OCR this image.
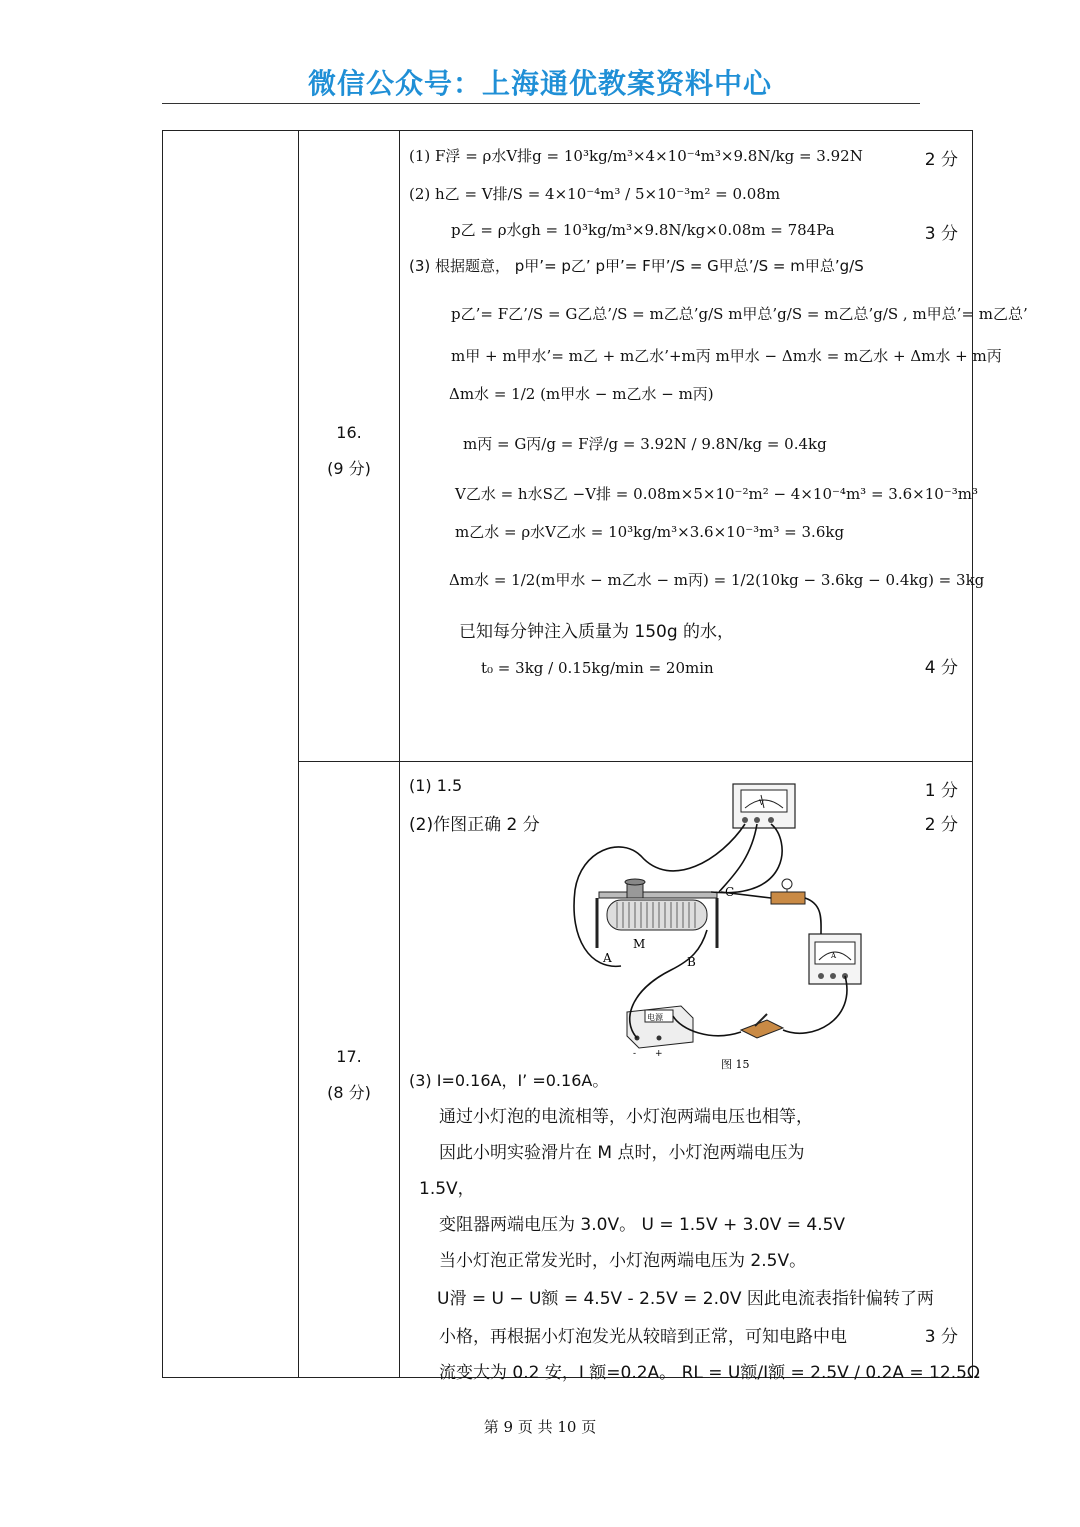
微信公众号：上海通优教案资料中心
16.
(9 分)
(1) F浮 = ρ水V排g = 10³kg/m³×4×10⁻⁴m³×9.8N/kg = 3.92N
(2) h乙 = V排/S = 4×10⁻⁴m³ / 5×10⁻³m² = 0.08m
p乙 = ρ水gh = 10³kg/m³×9.8N/kg×0.08m = 784Pa
(3) 根据题意， p甲’= p乙’ p甲’= F甲’/S = G甲总’/S = m甲总’g/S
p乙’= F乙’/S = G乙总’/S = m乙总’g/S m甲总’g/S = m乙总’g/S , m甲总’= m乙总’
m甲 + m甲水’= m乙 + m乙水’+m丙 m甲水 − Δm水 = m乙水 + Δm水 + m丙
Δm水 = 1/2 (m甲水 − m乙水 − m丙)
m丙 = G丙/g = F浮/g = 3.92N / 9.8N/kg = 0.4kg
V乙水 = h水S乙 −V排 = 0.08m×5×10⁻²m² − 4×10⁻⁴m³ = 3.6×10⁻³m³
m乙水 = ρ水V乙水 = 10³kg/m³×3.6×10⁻³m³ = 3.6kg
Δm水 = 1/2(m甲水 − m乙水 − m丙) = 1/2(10kg − 3.6kg − 0.4kg) = 3kg
已知每分钟注入质量为 150g 的水，
t₀ = 3kg / 0.15kg/min = 20min
2 分
3 分
4 分
17.
(8 分)
(1) 1.5
(2)作图正确 2 分
1 分
2 分
V
M
A	B
C
A
电源
- +
图 15
(3) I=0.16A，I’ =0.16A。
通过小灯泡的电流相等，小灯泡两端电压也相等，
因此小明实验滑片在 M 点时，小灯泡两端电压为
1.5V，
变阻器两端电压为 3.0V。 U = 1.5V + 3.0V = 4.5V
当小灯泡正常发光时，小灯泡两端电压为 2.5V。
U滑 = U − U额 = 4.5V - 2.5V = 2.0V 因此电流表指针偏转了两
小格，再根据小灯泡发光从较暗到正常，可知电路中电
流变大为 0.2 安，I 额=0.2A。 RL = U额/I额 = 2.5V / 0.2A = 12.5Ω
3 分
第 9 页 共 10 页
